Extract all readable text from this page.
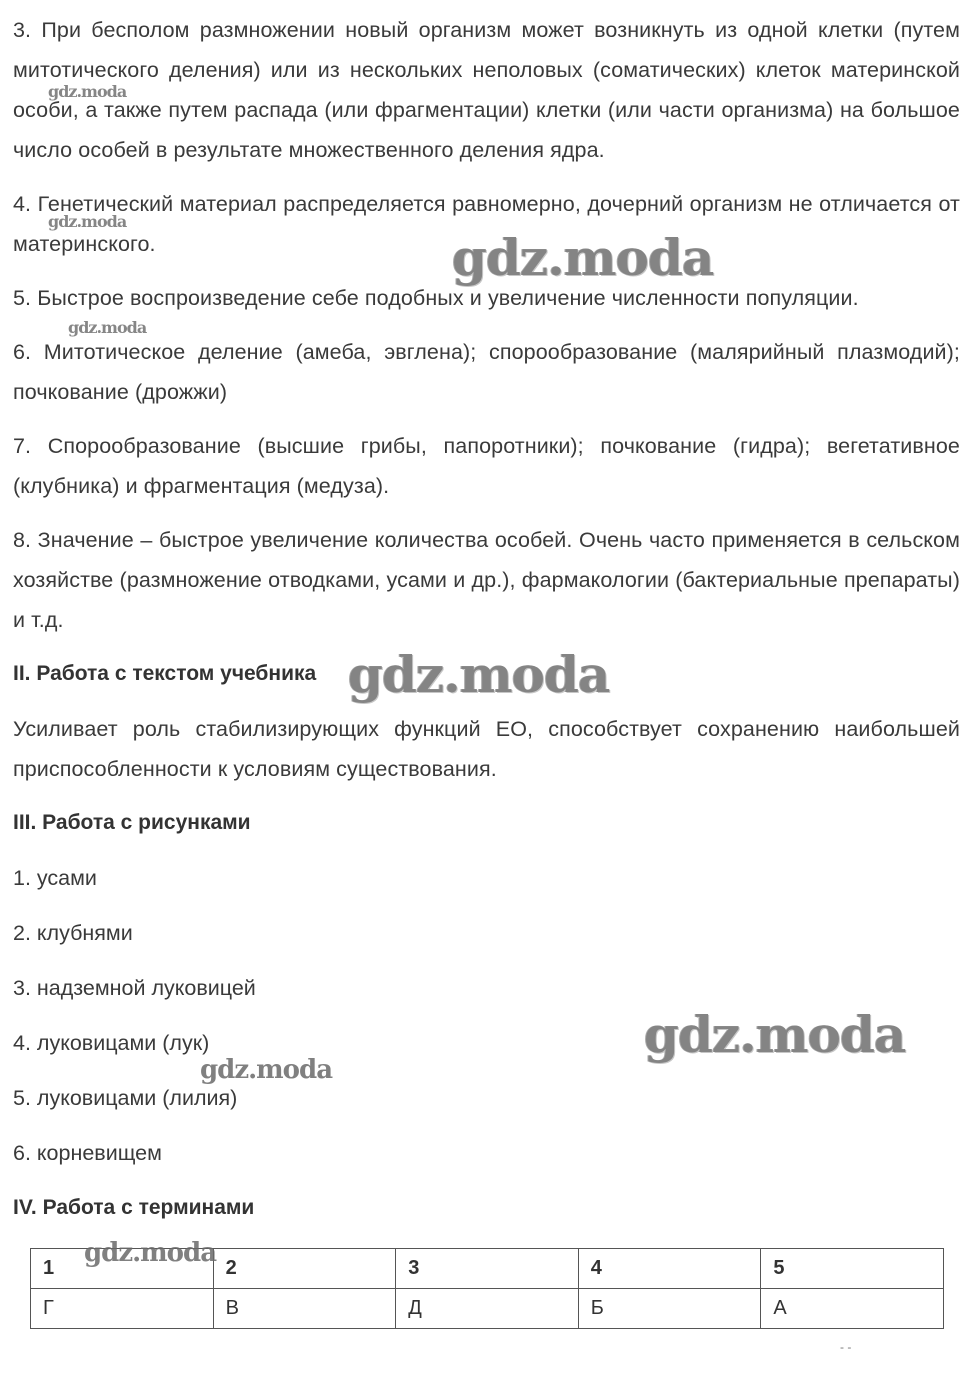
3. При бесполом размножении новый организм может возникнуть из одной клетки (путем митотического деления) или из нескольких неполовых (соматических) клеток материнской особи, а также путем распада (или фрагментации) клетки (или части организма) на большое число особей в результате множественного деления ядра.

4. Генетический материал распределяется равномерно, дочерний организм не отличается от материнского.

5. Быстрое воспроизведение себе подобных и увеличение численности популяции.

6. Митотическое деление (амеба, эвглена); спорообразование (малярийный плазмодий); почкование (дрожжи)

7. Спорообразование (высшие грибы, папоротники); почкование (гидра); вегетативное (клубника) и фрагментация (медуза).

8. Значение – быстрое увеличение количества особей. Очень часто применяется в сельском хозяйстве (размножение отводками, усами и др.), фармакологии (бактериальные препараты) и т.д.

II. Работа с текстом учебника

Усиливает роль стабилизирующих функций ЕО, способствует сохранению наибольшей приспособленности к условиям существования.

III. Работа с рисунками
1. усами
2. клубнями
3. надземной луковицей
4. луковицами (лук)
5. луковицами (лилия)
6. корневищем
IV. Работа с терминами
1	2	3	4	5
Г	В	Д	Б	А
gdz.moda
gdz.moda
gdz.moda
gdz.moda
gdz.moda
gdz.moda
gdz.moda
gdz.moda
- -
